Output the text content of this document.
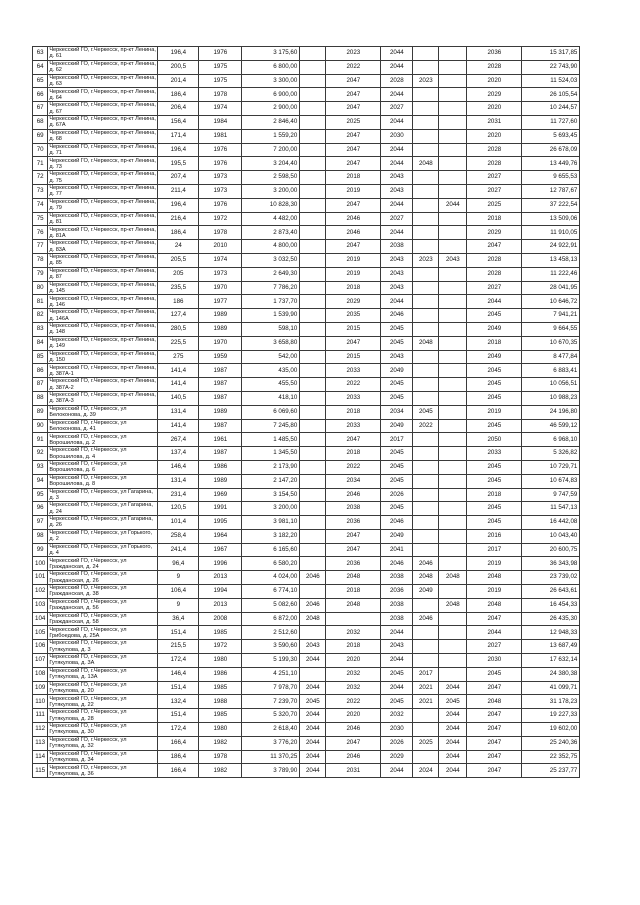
63	Черкесский ГО, г.Черкесск, пр-кт Ленина, д. 61	196,4	1976	3 175,60		2023	2044			2036	15 317,85
64	Черкесский ГО, г.Черкесск, пр-кт Ленина, д. 62	200,5	1975	6 800,00		2022	2044			2028	22 743,90
65	Черкесский ГО, г.Черкесск, пр-кт Ленина, д. 63	201,4	1975	3 300,00		2047	2028	2023		2020	11 524,03
66	Черкесский ГО, г.Черкесск, пр-кт Ленина, д. 64	186,4	1978	6 900,00		2047	2044			2029	26 105,54
67	Черкесский ГО, г.Черкесск, пр-кт Ленина, д. 67	206,4	1974	2 900,00		2047	2027			2020	10 244,57
68	Черкесский ГО, г.Черкесск, пр-кт Ленина, д. 67А	156,4	1984	2 846,40		2025	2044			2031	11 727,60
69	Черкесский ГО, г.Черкесск, пр-кт Ленина, д. 68	171,4	1981	1 559,20		2047	2030			2020	5 693,45
70	Черкесский ГО, г.Черкесск, пр-кт Ленина, д. 71	196,4	1976	7 200,00		2047	2044			2028	26 678,09
71	Черкесский ГО, г.Черкесск, пр-кт Ленина, д. 73	195,5	1976	3 204,40		2047	2044	2048		2028	13 449,76
72	Черкесский ГО, г.Черкесск, пр-кт Ленина, д. 75	207,4	1973	2 598,50		2018	2043			2027	9 655,53
73	Черкесский ГО, г.Черкесск, пр-кт Ленина, д. 77	211,4	1973	3 200,00		2019	2043			2027	12 787,67
74	Черкесский ГО, г.Черкесск, пр-кт Ленина, д. 79	196,4	1976	10 828,30		2047	2044		2044	2025	37 222,54
75	Черкесский ГО, г.Черкесск, пр-кт Ленина, д. 81	216,4	1972	4 482,00		2046	2027			2018	13 509,06
76	Черкесский ГО, г.Черкесск, пр-кт Ленина, д. 81А	186,4	1978	2 873,40		2046	2044			2029	11 910,05
77	Черкесский ГО, г.Черкесск, пр-кт Ленина, д. 83А	24	2010	4 800,00		2047	2038			2047	24 922,91
78	Черкесский ГО, г.Черкесск, пр-кт Ленина, д. 85	205,5	1974	3 032,50		2019	2043	2023	2043	2028	13 458,13
79	Черкесский ГО, г.Черкесск, пр-кт Ленина, д. 87	205	1973	2 649,30		2019	2043			2028	11 222,46
80	Черкесский ГО, г.Черкесск, пр-кт Ленина, д. 145	235,5	1970	7 786,20		2018	2043			2027	28 041,95
81	Черкесский ГО, г.Черкесск, пр-кт Ленина, д. 146	186	1977	1 737,70		2029	2044			2044	10 646,72
82	Черкесский ГО, г.Черкесск, пр-кт Ленина, д. 146А	127,4	1989	1 539,90		2035	2046			2045	7 941,21
83	Черкесский ГО, г.Черкесск, пр-кт Ленина, д. 148	280,5	1989	598,10		2015	2045			2049	9 664,55
84	Черкесский ГО, г.Черкесск, пр-кт Ленина, д. 149	225,5	1970	3 658,80		2047	2045	2048		2018	10 670,35
85	Черкесский ГО, г.Черкесск, пр-кт Ленина, д. 150	275	1959	542,00		2015	2043			2049	8 477,84
86	Черкесский ГО, г.Черкесск, пр-кт Ленина, д. 387А-1	141,4	1987	435,00		2033	2049			2045	6 883,41
87	Черкесский ГО, г.Черкесск, пр-кт Ленина, д. 387А-2	141,4	1987	455,50		2022	2045			2045	10 056,51
88	Черкесский ГО, г.Черкесск, пр-кт Ленина, д. 387А-3	140,5	1987	418,10		2033	2045			2045	10 988,23
89	Черкесский ГО, г.Черкесск, ул Белоконова, д. 39	131,4	1989	6 069,60		2018	2034	2045		2019	24 196,80
90	Черкесский ГО, г.Черкесск, ул Белоконова, д. 41	141,4	1987	7 245,80		2033	2049	2022		2045	46 599,12
91	Черкесский ГО, г.Черкесск, ул Ворошилова, д. 2	267,4	1961	1 485,50		2047	2017			2050	6 968,10
92	Черкесский ГО, г.Черкесск, ул Ворошилова, д. 4	137,4	1987	1 345,50		2018	2045			2033	5 326,82
93	Черкесский ГО, г.Черкесск, ул Ворошилова, д. 6	146,4	1986	2 173,90		2022	2045			2045	10 729,71
94	Черкесский ГО, г.Черкесск, ул Ворошилова, д. 8	131,4	1989	2 147,20		2034	2045			2045	10 674,83
95	Черкесский ГО, г.Черкесск, ул Гагарина, д. 3	231,4	1969	3 154,50		2046	2026			2018	9 747,59
96	Черкесский ГО, г.Черкесск, ул Гагарина, д. 24	120,5	1991	3 200,00		2038	2045			2045	11 547,13
97	Черкесский ГО, г.Черкесск, ул Гагарина, д. 26	101,4	1995	3 981,10		2036	2046			2045	16 442,08
98	Черкесский ГО, г.Черкесск, ул Горького, д. 2	258,4	1964	3 182,20		2047	2049			2016	10 043,40
99	Черкесский ГО, г.Черкесск, ул Горького, д. 4	241,4	1967	6 165,60		2047	2041			2017	20 600,75
100	Черкесский ГО, г.Черкесск, ул Гражданская, д. 24	96,4	1996	6 580,20		2036	2046	2046		2019	36 343,98
101	Черкесский ГО, г.Черкесск, ул Гражданская, д. 26	9	2013	4 024,00	2046	2048	2038	2048	2048	2048	23 739,02
102	Черкесский ГО, г.Черкесск, ул Гражданская, д. 38	106,4	1994	6 774,10		2018	2036	2049		2019	26 643,61
103	Черкесский ГО, г.Черкесск, ул Гражданская, д. 56	9	2013	5 082,60	2046	2048	2038		2048	2048	16 454,33
104	Черкесский ГО, г.Черкесск, ул Гражданская, д. 58	36,4	2008	6 872,00	2048		2038	2046		2047	26 435,30
105	Черкесский ГО, г.Черкесск, ул Грибоедова, д. 25А	151,4	1985	2 512,60		2032	2044			2044	12 948,33
106	Черкесский ГО, г.Черкесск, ул Гутякулова, д. 3	215,5	1972	3 590,60	2043	2018	2043			2027	13 687,49
107	Черкесский ГО, г.Черкесск, ул Гутякулова, д. 3А	172,4	1980	5 199,30	2044	2020	2044			2030	17 632,14
108	Черкесский ГО, г.Черкесск, ул Гутякулова, д. 13А	146,4	1986	4 251,10		2032	2045	2017		2045	24 380,38
109	Черкесский ГО, г.Черкесск, ул Гутякулова, д. 20	151,4	1985	7 978,70	2044	2032	2044	2021	2044	2047	41 099,71
110	Черкесский ГО, г.Черкесск, ул Гутякулова, д. 22	132,4	1988	7 239,70	2045	2022	2045	2021	2045	2048	31 178,23
111	Черкесский ГО, г.Черкесск, ул Гутякулова, д. 28	151,4	1985	5 320,70	2044	2020	2032		2044	2047	19 227,33
112	Черкесский ГО, г.Черкесск, ул Гутякулова, д. 30	172,4	1980	2 618,40	2044	2046	2030		2044	2047	19 602,00
113	Черкесский ГО, г.Черкесск, ул Гутякулова, д. 32	166,4	1982	3 776,20	2044	2047	2026	2025	2044	2047	25 240,36
114	Черкесский ГО, г.Черкесск, ул Гутякулова, д. 34	186,4	1978	11 370,25	2044	2046	2029		2044	2047	22 352,75
115	Черкесский ГО, г.Черкесск, ул Гутякулова, д. 36	166,4	1982	3 789,90	2044	2031	2044	2024	2044	2047	25 237,77
